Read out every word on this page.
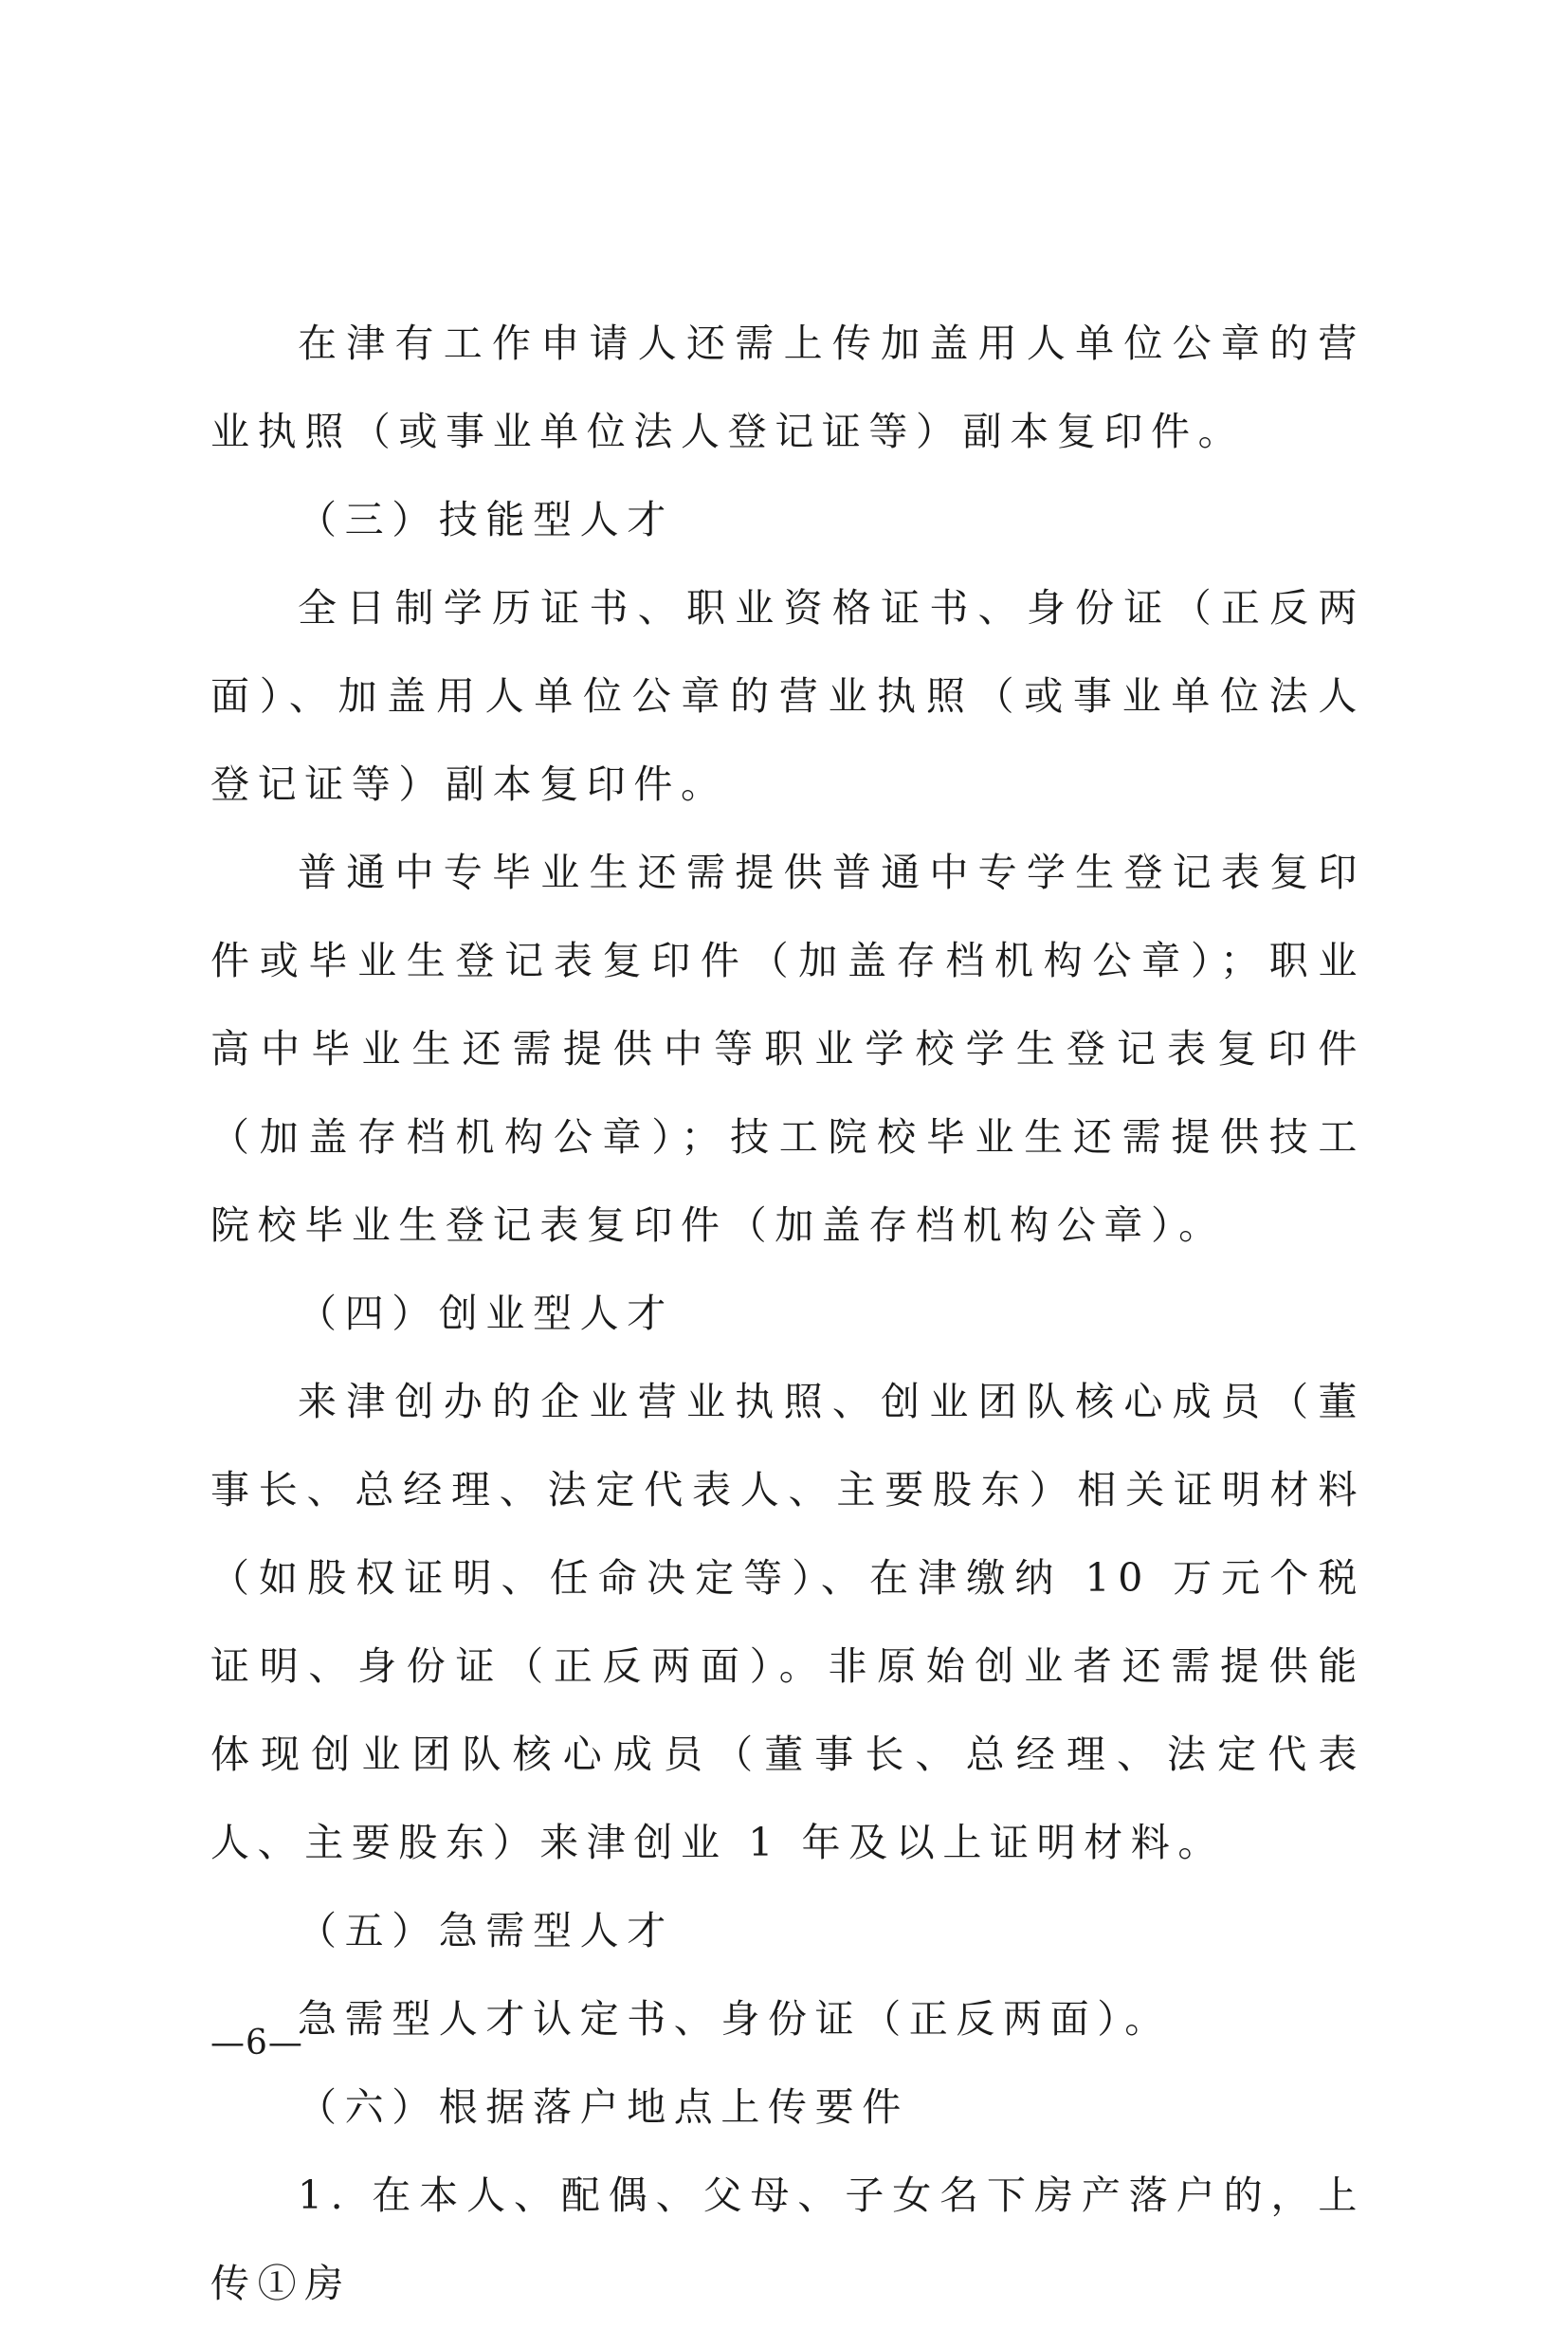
在津有工作申请人还需上传加盖用人单位公章的营业执照（或事业单位法人登记证等）副本复印件。

（三）技能型人才

全日制学历证书、职业资格证书、身份证（正反两面）、加盖用人单位公章的营业执照（或事业单位法人登记证等）副本复印件。

普通中专毕业生还需提供普通中专学生登记表复印件或毕业生登记表复印件（加盖存档机构公章）；职业高中毕业生还需提供中等职业学校学生登记表复印件（加盖存档机构公章）；技工院校毕业生还需提供技工院校毕业生登记表复印件（加盖存档机构公章）。

（四）创业型人才

来津创办的企业营业执照、创业团队核心成员（董事长、总经理、法定代表人、主要股东）相关证明材料（如股权证明、任命决定等）、在津缴纳 10 万元个税证明、身份证（正反两面）。非原始创业者还需提供能体现创业团队核心成员（董事长、总经理、法定代表人、主要股东）来津创业 1 年及以上证明材料。

（五）急需型人才

急需型人才认定书、身份证（正反两面）。

（六）根据落户地点上传要件

1. 在本人、配偶、父母、子女名下房产落户的，上传①房

—6—
